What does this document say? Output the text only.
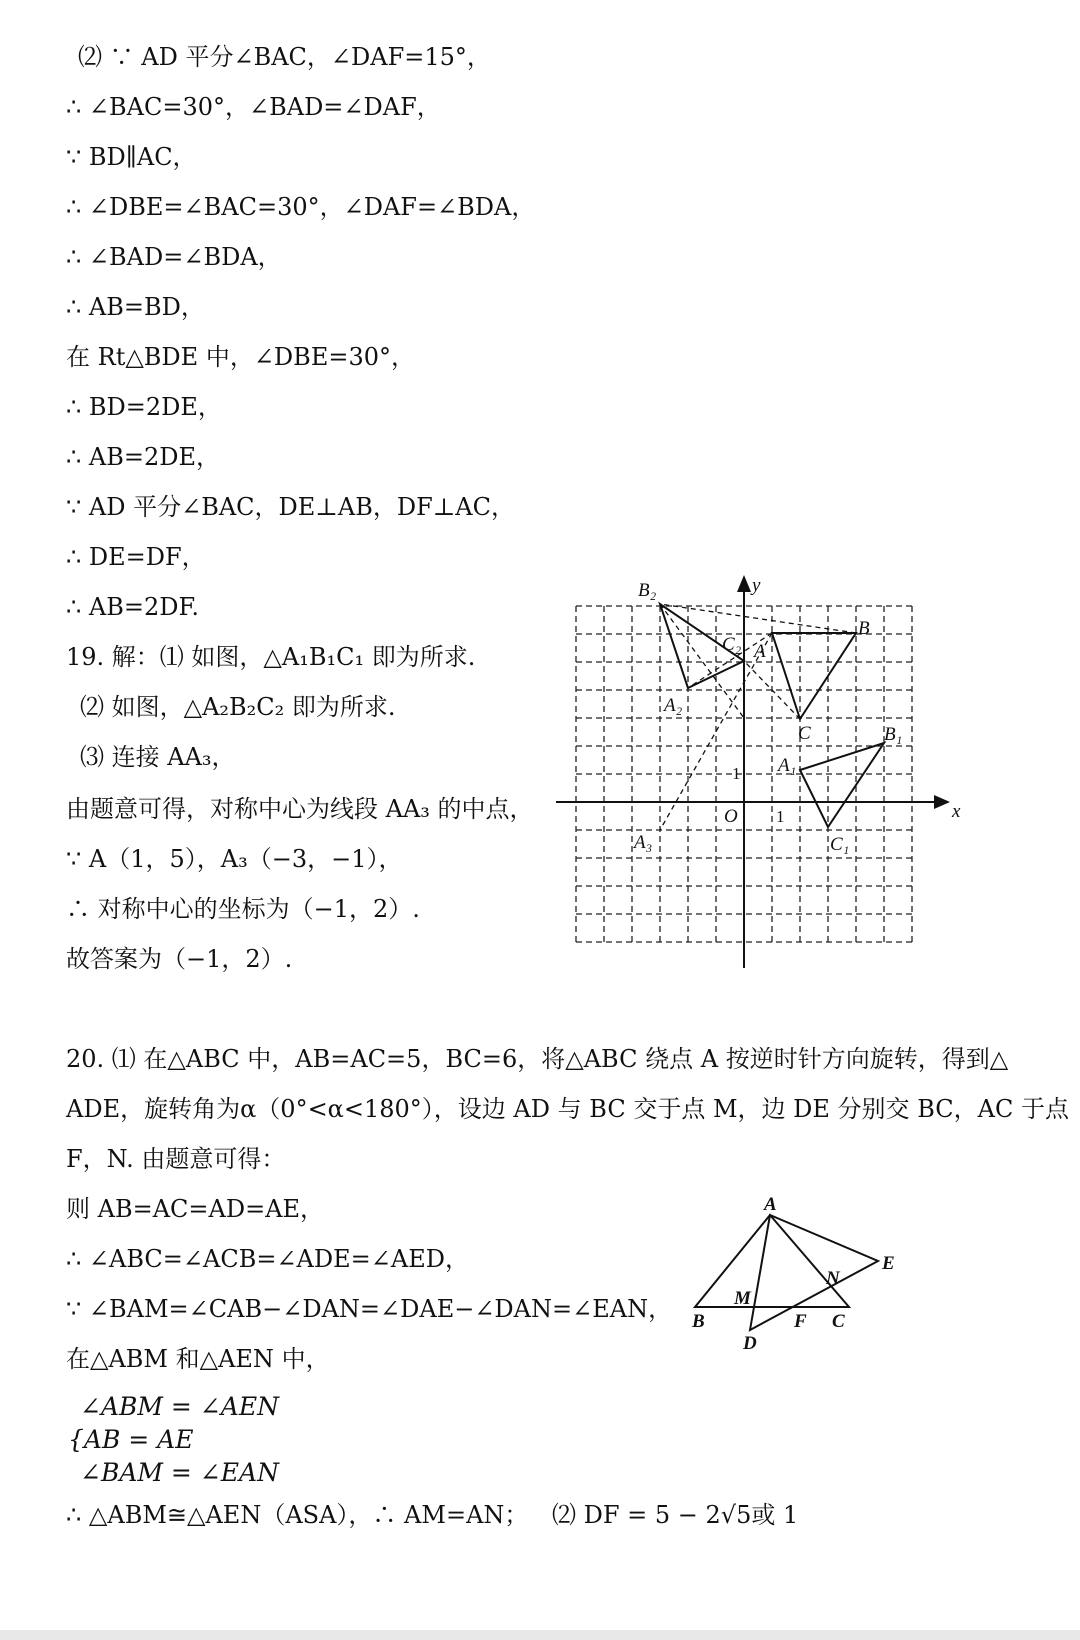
⑵ ∵ AD 平分∠BAC，∠DAF=15°，
∴ ∠BAC=30°，∠BAD=∠DAF，
∵ BD∥AC，
∴ ∠DBE=∠BAC=30°，∠DAF=∠BDA，
∴ ∠BAD=∠BDA，
∴ AB=BD，
在 Rt△BDE 中，∠DBE=30°，
∴ BD=2DE，
∴ AB=2DE，
∵ AD 平分∠BAC，DE⊥AB，DF⊥AC，
∴ DE=DF，
∴ AB=2DF.
19. 解：⑴ 如图，△A₁B₁C₁ 即为所求.
⑵ 如图，△A₂B₂C₂ 即为所求.
⑶ 连接 AA₃，
由题意可得，对称中心为线段 AA₃ 的中点，
∵ A（1，5），A₃（−3，−1），
∴ 对称中心的坐标为（−1，2）.
故答案为（−1，2）.
B₂
C₂ A
B
A₂
C	B₁
A₁
C₁
A₃
O	x
y
1
1
20. ⑴ 在△ABC 中，AB=AC=5，BC=6，将△ABC 绕点 A 按逆时针方向旋转，得到△
ADE，旋转角为α（0°<α<180°），设边 AD 与 BC 交于点 M，边 DE 分别交 BC，AC 于点
F，N. 由题意可得：
则 AB=AC=AD=AE，
∴ ∠ABC=∠ACB=∠ADE=∠AED，
∵ ∠BAM=∠CAB−∠DAN=∠DAE−∠DAN=∠EAN，
在△ABM 和△AEN 中，
∠ABM = ∠AEN
{AB = AE
∠BAM = ∠EAN
∴ △ABM≅△AEN（ASA），∴ AM=AN； ⑵ DF = 5 − 2√5或 1
A
B	C
D
E
F
M
N
